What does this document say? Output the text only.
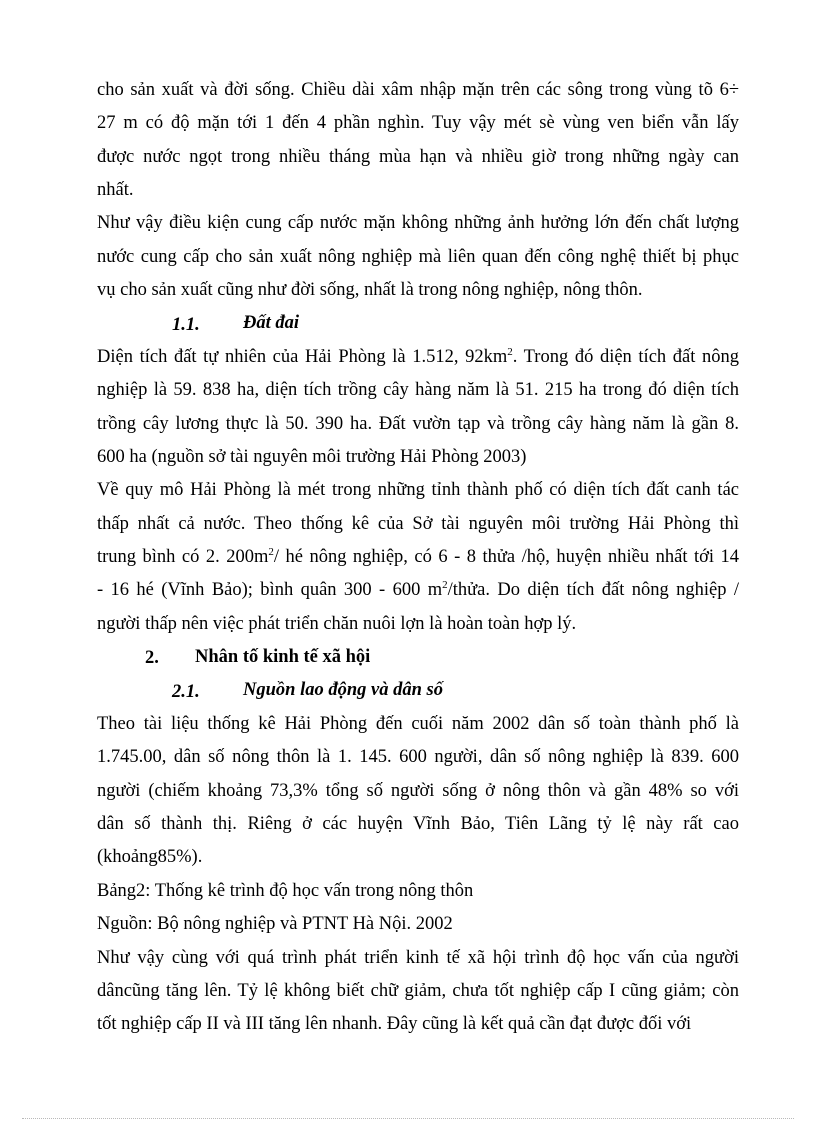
cho sản xuất và đời sống. Chiều dài xâm nhập mặn trên các sông trong vùng tõ 6÷
27 m có độ mặn tới 1 đến 4 phần nghìn. Tuy vậy mét sè vùng ven biển vẫn lấy
được nước ngọt trong nhiều tháng mùa hạn và nhiều giờ trong những ngày can
nhất.
Như vậy điều kiện cung cấp nước mặn không những ảnh hưởng lớn đến chất lượng
nước cung cấp cho sản xuất nông nghiệp mà liên quan đến công nghệ thiết bị phục
vụ cho sản xuất cũng như đời sống, nhất là trong nông nghiệp, nông thôn.
1.1. Đất đai
Diện tích đất tự nhiên của Hải Phòng là 1.512, $92km^2$. Trong đó diện tích đất nông
nghiệp là 59. 838 ha, diện tích trồng cây hàng năm là 51. 215 ha trong đó diện tích
trồng cây lương thực là 50. 390 ha. Đất vườn tạp và trồng cây hàng năm là gần 8.
600 ha (nguồn sở tài nguyên môi trường Hải Phòng 2003)
Về quy mô Hải Phòng là mét trong những tỉnh thành phố có diện tích đất canh tác
thấp nhất cả nước. Theo thống kê của Sở tài nguyên môi trường Hải Phòng thì
trung bình có 2. $200m^2/$ hé nông nghiệp, có 6 - 8 thửa /hộ, huyện nhiều nhất tới 14
- 16 hé (Vĩnh Bảo); bình quân 300 - 600 $m^2$/thửa. Do diện tích đất nông nghiệp /
người thấp nên việc phát triển chăn nuôi lợn là hoàn toàn hợp lý.
2. Nhân tố kinh tế xã hội
2.1. Nguồn lao động và dân số
Theo tài liệu thống kê Hải Phòng đến cuối năm 2002 dân số toàn thành phố là
1.745.00, dân số nông thôn là 1. 145. 600 người, dân số nông nghiệp là 839. 600
người (chiếm khoảng 73,3% tổng số người sống ở nông thôn và gần 48% so với
dân số thành thị. Riêng ở các huyện Vĩnh Bảo, Tiên Lãng tỷ lệ này rất cao
(khoảng85%).
Bảng2: Thống kê trình độ học vấn trong nông thôn
Nguồn: Bộ nông nghiệp và PTNT Hà Nội. 2002
Như vậy cùng với quá trình phát triển kinh tế xã hội trình độ học vấn của người
dâncũng tăng lên. Tỷ lệ không biết chữ giảm, chưa tốt nghiệp cấp I cũng giảm; còn
tốt nghiệp cấp II và III tăng lên nhanh. Đây cũng là kết quả cần đạt được đối với
